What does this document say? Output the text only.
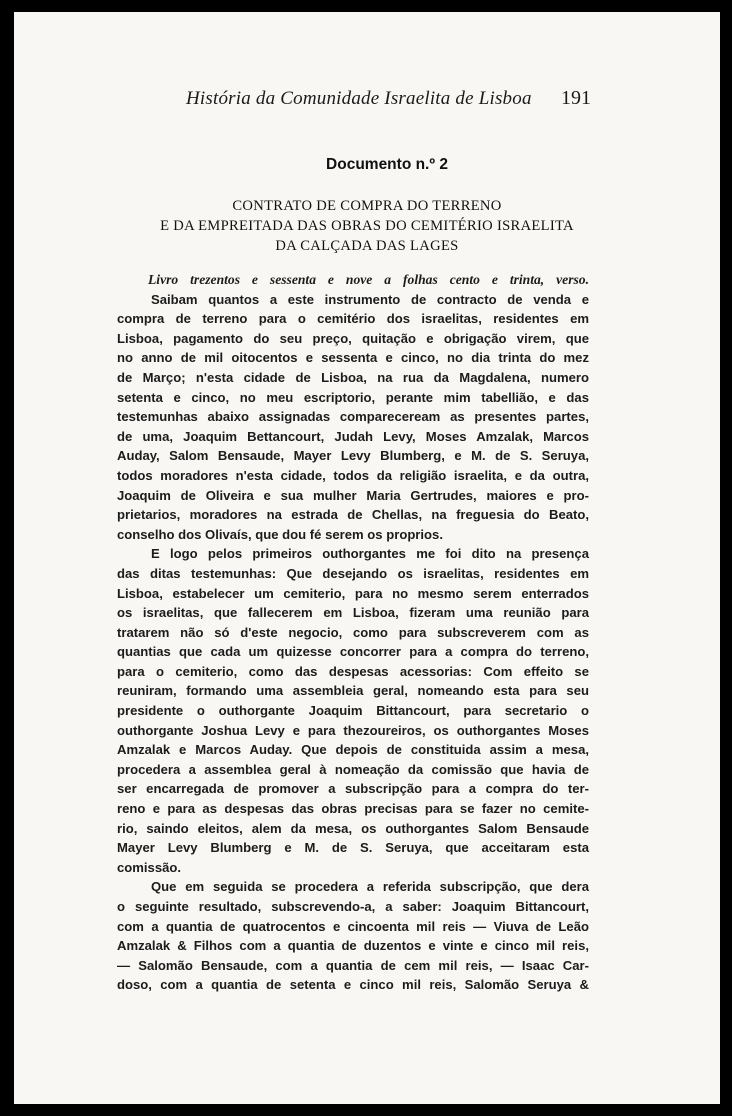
História da Comunidade Israelita de Lisboa 191
Documento n.º 2
CONTRATO DE COMPRA DO TERRENO
E DA EMPREITADA DAS OBRAS DO CEMITÉRIO ISRAELITA
DA CALÇADA DAS LAGES
Livro trezentos e sessenta e nove a folhas cento e trinta, verso.

Saibam quantos a este instrumento de contracto de venda e
compra de terreno para o cemitério dos israelitas, residentes em
Lisboa, pagamento do seu preço, quitação e obrigação virem, que
no anno de mil oitocentos e sessenta e cinco, no dia trinta do mez
de Março; n'esta cidade de Lisboa, na rua da Magdalena, numero
setenta e cinco, no meu escriptorio, perante mim tabellião, e das
testemunhas abaixo assignadas compareceream as presentes partes,
de uma, Joaquim Bettancourt, Judah Levy, Moses Amzalak, Marcos
Auday, Salom Bensaude, Mayer Levy Blumberg, e M. de S. Seruya,
todos moradores n'esta cidade, todos da religião israelita, e da outra,
Joaquim de Oliveira e sua mulher Maria Gertrudes, maiores e pro-
prietarios, moradores na estrada de Chellas, na freguesia do Beato,
conselho dos Olivaís, que dou fé serem os proprios.

E logo pelos primeiros outhorgantes me foi dito na presença
das ditas testemunhas: Que desejando os israelitas, residentes em
Lisboa, estabelecer um cemiterio, para no mesmo serem enterrados
os israelitas, que fallecerem em Lisboa, fizeram uma reunião para
tratarem não só d'este negocio, como para subscreverem com as
quantias que cada um quizesse concorrer para a compra do terreno,
para o cemiterio, como das despesas acessorias: Com effeito se
reuniram, formando uma assembleia geral, nomeando esta para seu
presidente o outhorgante Joaquim Bittancourt, para secretario o
outhorgante Joshua Levy e para thezoureiros, os outhorgantes Moses
Amzalak e Marcos Auday. Que depois de constituida assim a mesa,
procedera a assemblea geral à nomeação da comissão que havia de
ser encarregada de promover a subscripção para a compra do ter-
reno e para as despesas das obras precisas para se fazer no cemite-
rio, saindo eleitos, alem da mesa, os outhorgantes Salom Bensaude
Mayer Levy Blumberg e M. de S. Seruya, que acceitaram esta
comissão.

Que em seguida se procedera a referida subscripção, que dera
o seguinte resultado, subscrevendo-a, a saber: Joaquim Bittancourt,
com a quantia de quatrocentos e cincoenta mil reis — Viuva de Leão
Amzalak & Filhos com a quantia de duzentos e vinte e cinco mil reis,
— Salomão Bensaude, com a quantia de cem mil reis, — Isaac Car-
doso, com a quantia de setenta e cinco mil reis, Salomão Seruya &
